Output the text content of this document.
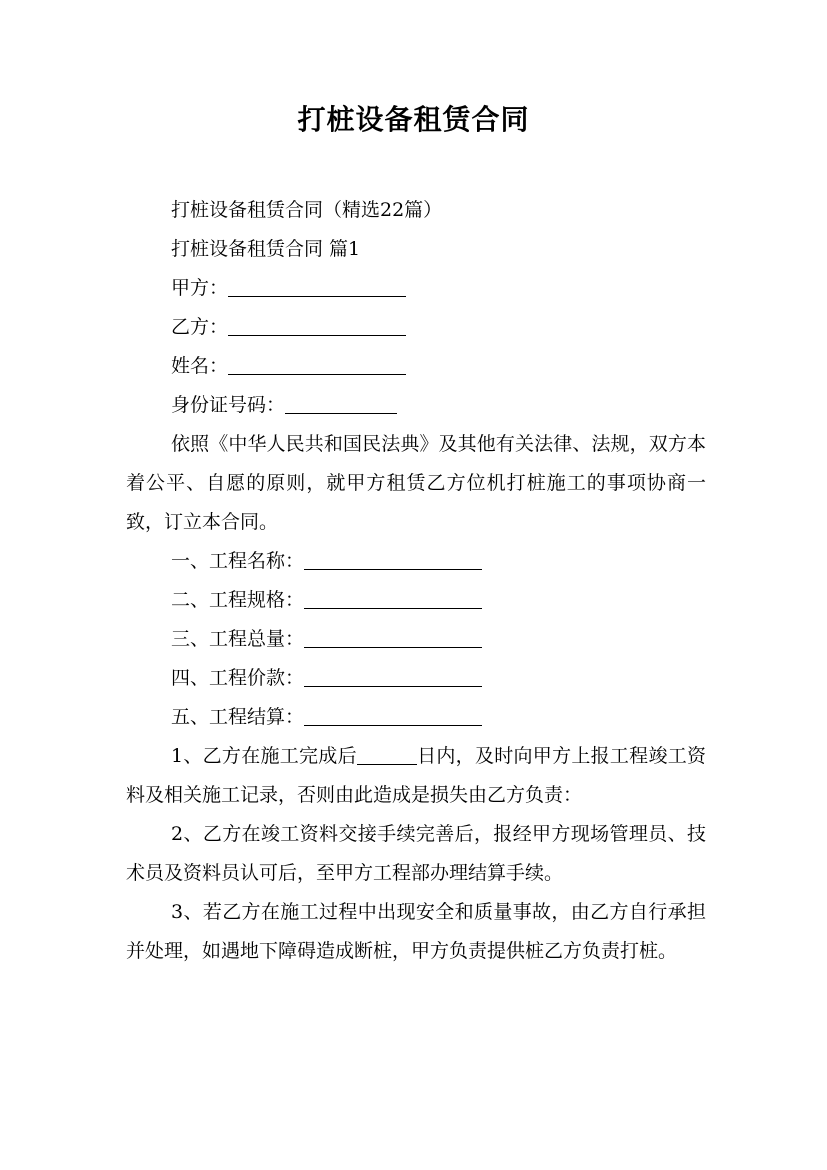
打桩设备租赁合同

打桩设备租赁合同（精选22篇）

打桩设备租赁合同 篇1

甲方：

乙方：

姓名：

身份证号码：

依照《中华人民共和国民法典》及其他有关法律、法规，双方本着公平、自愿的原则，就甲方租赁乙方位机打桩施工的事项协商一致，订立本合同。

一、工程名称：

二、工程规格：

三、工程总量：

四、工程价款：

五、工程结算：

1、乙方在施工完成后	日内，及时向甲方上报工程竣工资料及相关施工记录，否则由此造成是损失由乙方负责：

2、乙方在竣工资料交接手续完善后，报经甲方现场管理员、技术员及资料员认可后，至甲方工程部办理结算手续。

3、若乙方在施工过程中出现安全和质量事故，由乙方自行承担并处理，如遇地下障碍造成断桩，甲方负责提供桩乙方负责打桩。
